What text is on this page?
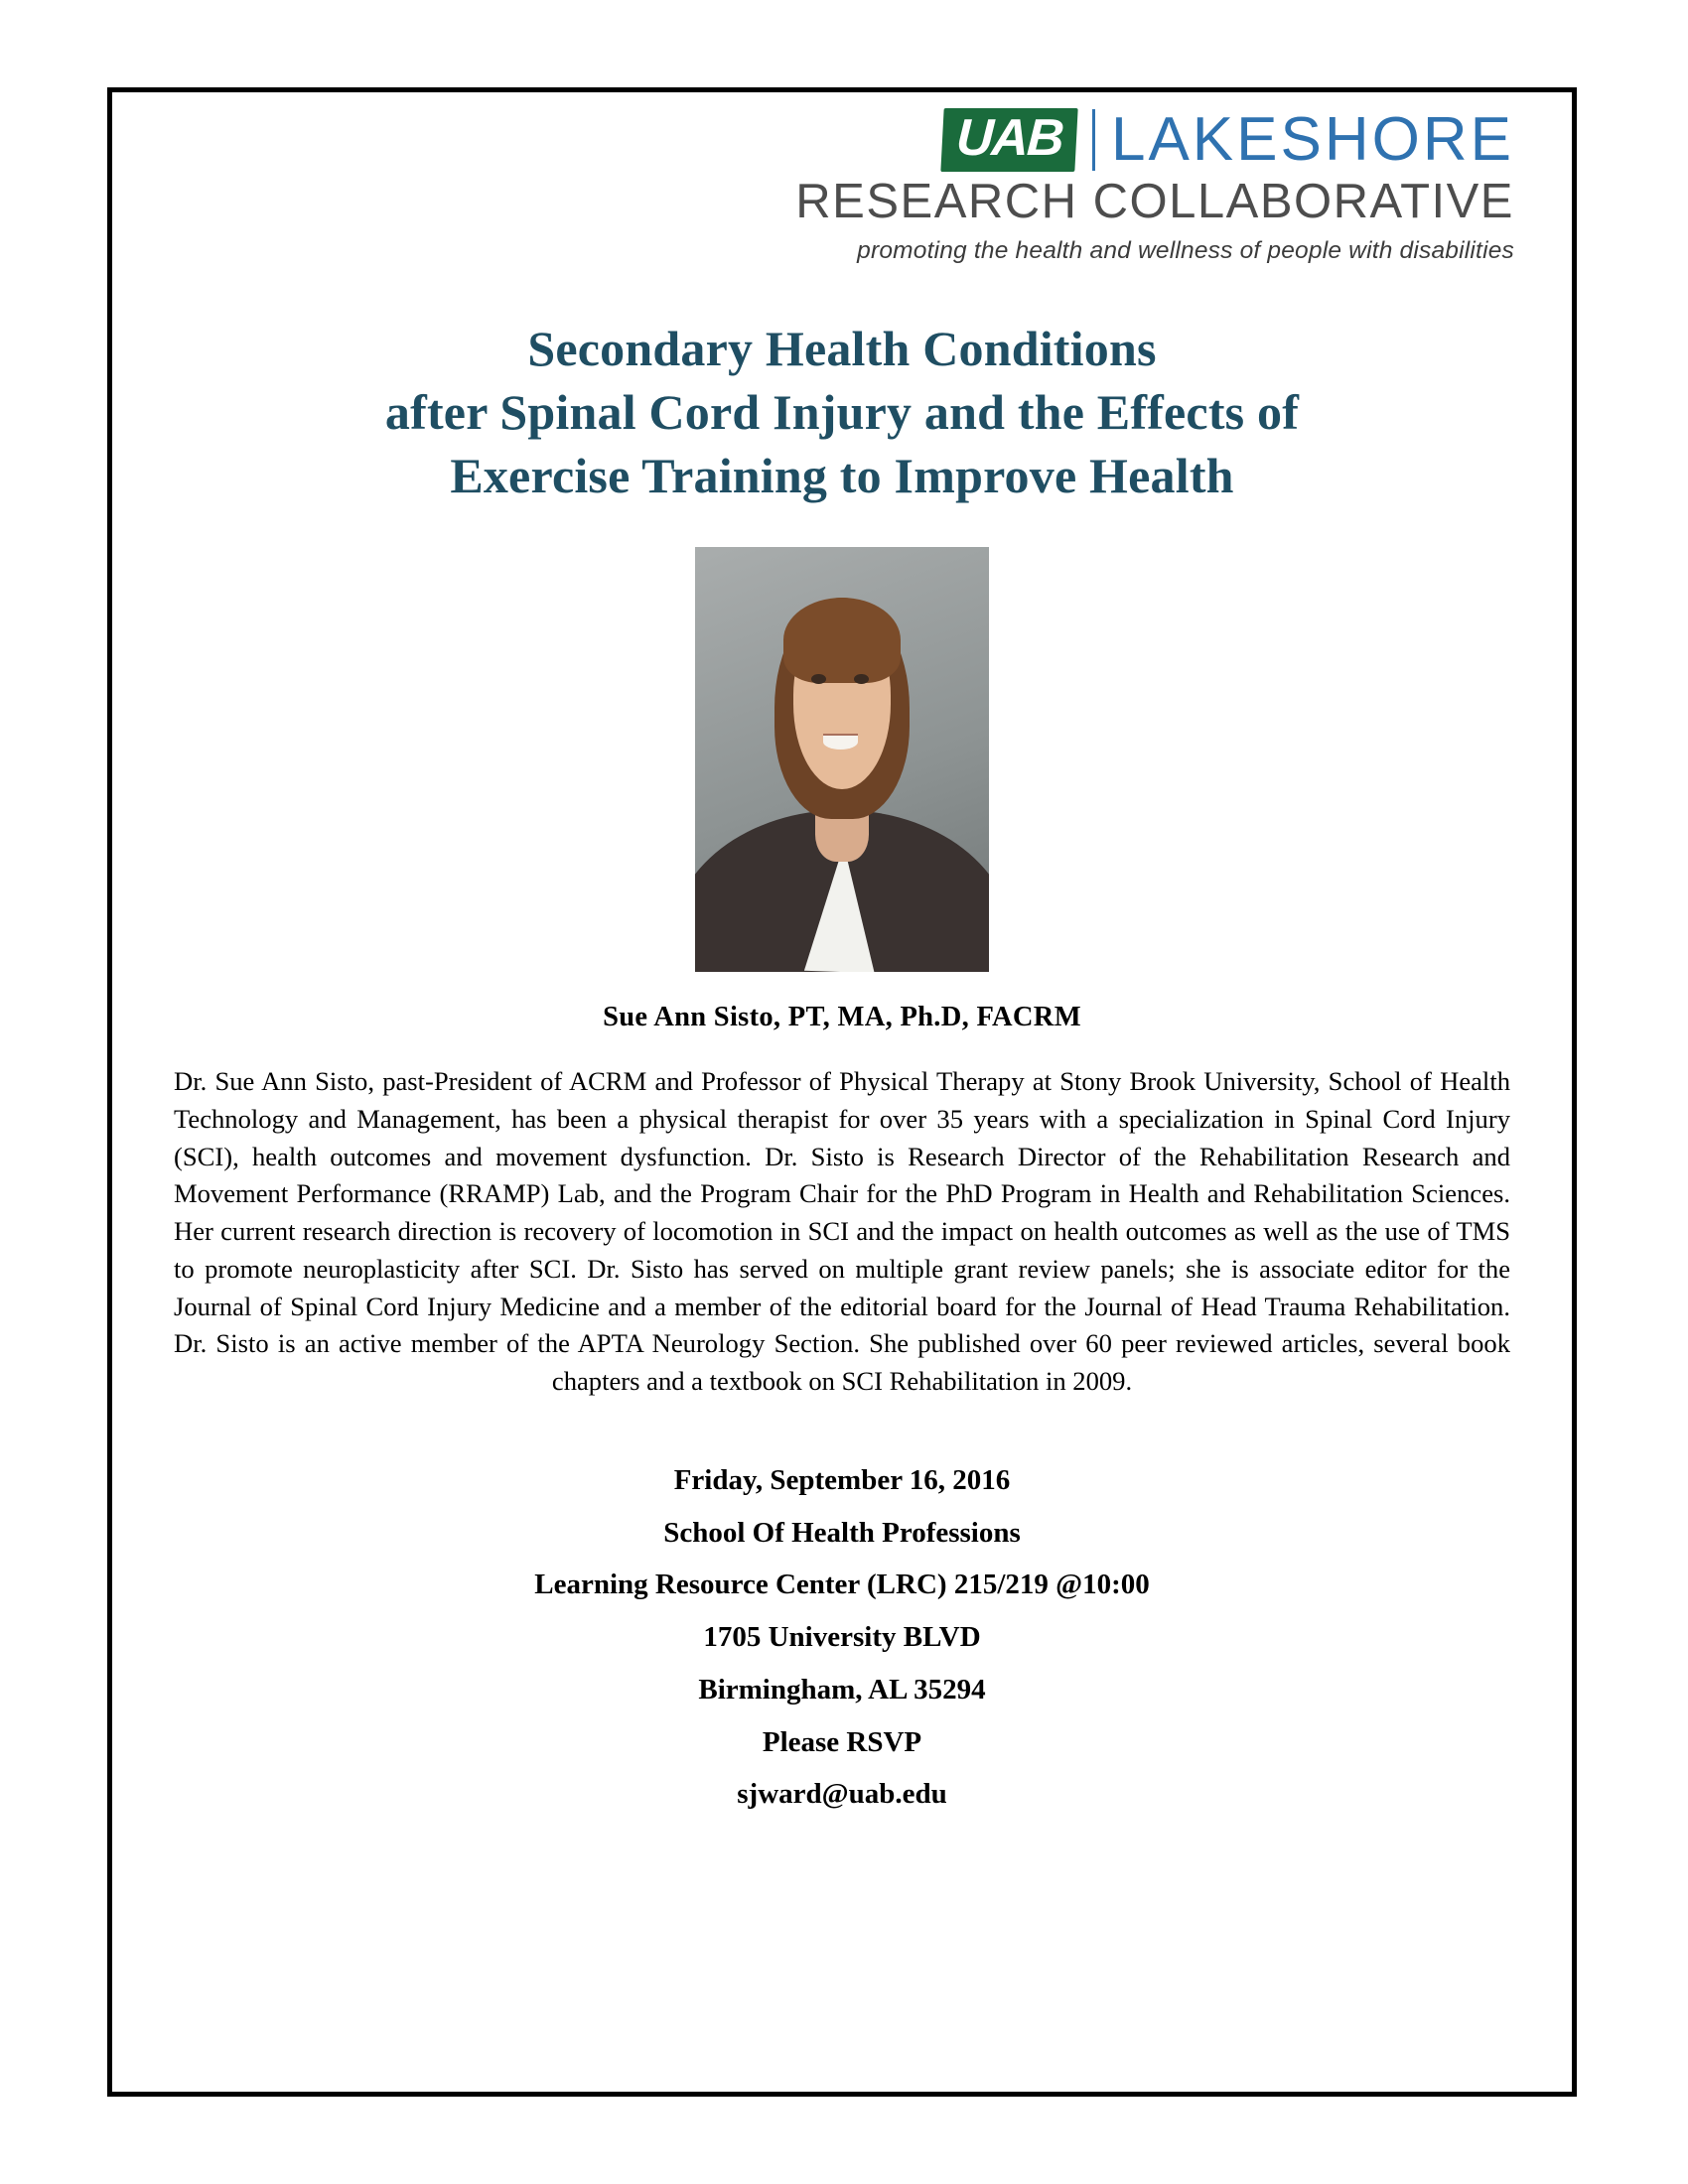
UAB LAKESHORE
RESEARCH COLLABORATIVE
promoting the health and wellness of people with disabilities
Secondary Health Conditions
after Spinal Cord Injury and the Effects of
Exercise Training to Improve Health
Sue Ann Sisto, PT, MA, Ph.D, FACRM

Dr. Sue Ann Sisto, past-President of ACRM and Professor of Physical Therapy at Stony Brook University, School of Health Technology and Management, has been a physical therapist for over 35 years with a specialization in Spinal Cord Injury (SCI), health outcomes and movement dysfunction. Dr. Sisto is Research Director of the Rehabilitation Research and Movement Performance (RRAMP) Lab, and the Program Chair for the PhD Program in Health and Rehabilitation Sciences. Her current research direction is recovery of locomotion in SCI and the impact on health outcomes as well as the use of TMS to promote neuroplasticity after SCI. Dr. Sisto has served on multiple grant review panels; she is associate editor for the Journal of Spinal Cord Injury Medicine and a member of the editorial board for the Journal of Head Trauma Rehabilitation. Dr. Sisto is an active member of the APTA Neurology Section. She published over 60 peer reviewed articles, several book chapters and a textbook on SCI Rehabilitation in 2009.

Friday, September 16, 2016
School Of Health Professions
Learning Resource Center (LRC) 215/219 @10:00
1705 University BLVD
Birmingham, AL 35294
Please RSVP
sjward@uab.edu
